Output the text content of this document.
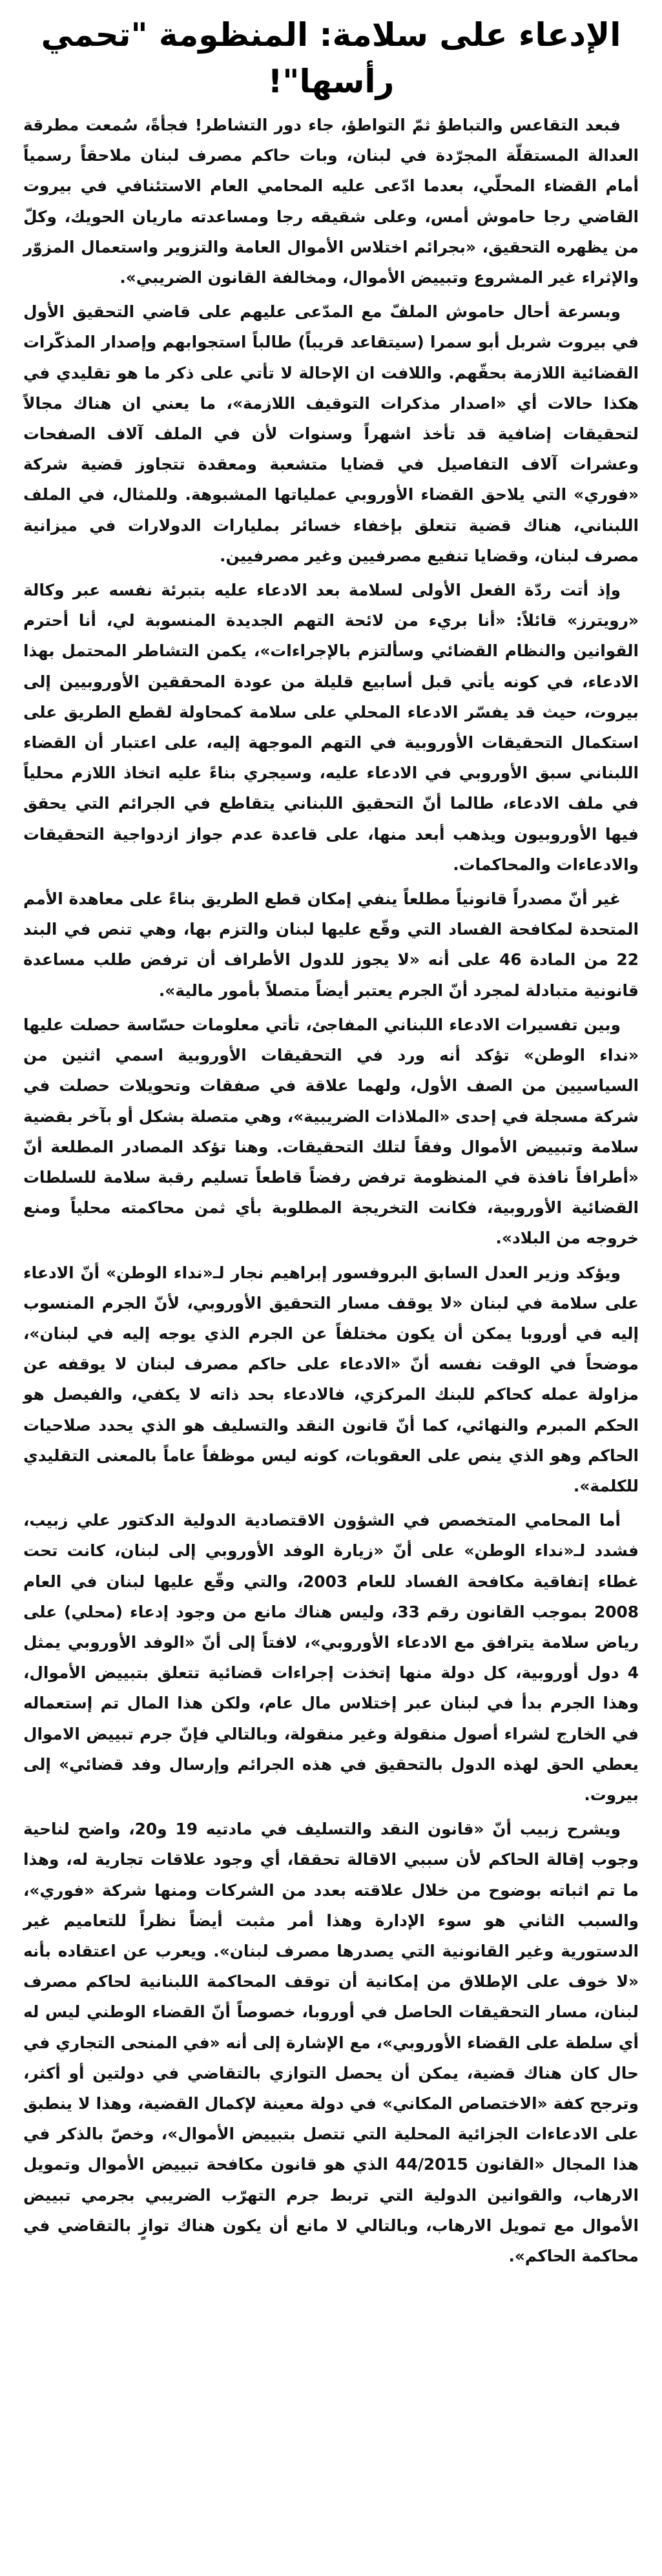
الإدعاء على سلامة: المنظومة "تحمي رأسها"!

فبعد التقاعس والتباطؤ ثمّ التواطؤ، جاء دور التشاطر! فجأةً، سُمعت مطرقة العدالة المستقلّة المجرّدة في لبنان، وبات حاكم مصرف لبنان ملاحقاً رسمياً أمام القضاء المحلّي، بعدما ادّعى عليه المحامي العام الاستئنافي في بيروت القاضي رجا حاموش أمس، وعلى شقيقه رجا ومساعدته ماريان الحويك، وكلّ من يظهره التحقيق، «بجرائم اختلاس الأموال العامة والتزوير واستعمال المزوّر والإثراء غير المشروع وتبييض الأموال، ومخالفة القانون الضريبي».

وبسرعة أحال حاموش الملفّ مع المدّعى عليهم على قاضي التحقيق الأول في بيروت شربل أبو سمرا (سيتقاعد قريباً) طالباً استجوابهم وإصدار المذكّرات القضائية اللازمة بحقّهم. واللافت ان الإحالة لا تأتي على ذكر ما هو تقليدي في هكذا حالات أي «اصدار مذكرات التوقيف اللازمة»، ما يعني ان هناك مجالاً لتحقيقات إضافية قد تأخذ اشهراً وسنوات لأن في الملف آلاف الصفحات وعشرات آلاف التفاصيل في قضايا متشعبة ومعقدة تتجاوز قضية شركة «فوري» التي يلاحق القضاء الأوروبي عملياتها المشبوهة. وللمثال، في الملف اللبناني، هناك قضية تتعلق بإخفاء خسائر بمليارات الدولارات في ميزانية مصرف لبنان، وقضايا تنفيع مصرفيين وغير مصرفيين.

وإذ أتت ردّة الفعل الأولى لسلامة بعد الادعاء عليه بتبرئة نفسه عبر وكالة «رويترز» قائلاً: «أنا بريء من لائحة التهم الجديدة المنسوبة لي، أنا أحترم القوانين والنظام القضائي وسألتزم بالإجراءات»، يكمن التشاطر المحتمل بهذا الادعاء، في كونه يأتي قبل أسابيع قليلة من عودة المحققين الأوروبيين إلى بيروت، حيث قد يفسّر الادعاء المحلي على سلامة كمحاولة لقطع الطريق على استكمال التحقيقات الأوروبية في التهم الموجهة إليه، على اعتبار أن القضاء اللبناني سبق الأوروبي في الادعاء عليه، وسيجري بناءً عليه اتخاذ اللازم محلياً في ملف الادعاء، طالما أنّ التحقيق اللبناني يتقاطع في الجرائم التي يحقق فيها الأوروبيون ويذهب أبعد منها، على قاعدة عدم جواز ازدواجية التحقيقات والادعاءات والمحاكمات.

غير أنّ مصدراً قانونياً مطلعاً ينفي إمكان قطع الطريق بناءً على معاهدة الأمم المتحدة لمكافحة الفساد التي وقّع عليها لبنان والتزم بها، وهي تنص في البند 22 من المادة 46 على أنه «لا يجوز للدول الأطراف أن ترفض طلب مساعدة قانونية متبادلة لمجرد أنّ الجرم يعتبر أيضاً متصلاً بأمور مالية».

وبين تفسيرات الادعاء اللبناني المفاجئ، تأتي معلومات حسّاسة حصلت عليها «نداء الوطن» تؤكد أنه ورد في التحقيقات الأوروبية اسمي اثنين من السياسيين من الصف الأول، ولهما علاقة في صفقات وتحويلات حصلت في شركة مسجلة في إحدى «الملاذات الضريبية»، وهي متصلة بشكل أو بآخر بقضية سلامة وتبييض الأموال وفقاً لتلك التحقيقات. وهنا تؤكد المصادر المطلعة أنّ «أطرافاً نافذة في المنظومة ترفض رفضاً قاطعاً تسليم رقبة سلامة للسلطات القضائية الأوروبية، فكانت التخريجة المطلوبة بأي ثمن محاكمته محلياً ومنع خروجه من البلاد».

ويؤكد وزير العدل السابق البروفسور إبراهيم نجار لـ«نداء الوطن» أنّ الادعاء على سلامة في لبنان «لا يوقف مسار التحقيق الأوروبي، لأنّ الجرم المنسوب إليه في أوروبا يمكن أن يكون مختلفاً عن الجرم الذي يوجه إليه في لبنان»، موضحاً في الوقت نفسه أنّ «الادعاء على حاكم مصرف لبنان لا يوقفه عن مزاولة عمله كحاكم للبنك المركزي، فالادعاء بحد ذاته لا يكفي، والفيصل هو الحكم المبرم والنهائي، كما أنّ قانون النقد والتسليف هو الذي يحدد صلاحيات الحاكم وهو الذي ينص على العقوبات، كونه ليس موظفاً عاماً بالمعنى التقليدي للكلمة».

أما المحامي المتخصص في الشؤون الاقتصادية الدولية الدكتور علي زبيب، فشدد لـ«نداء الوطن» على أنّ «زيارة الوفد الأوروبي إلى لبنان، كانت تحت غطاء إتفاقية مكافحة الفساد للعام 2003، والتي وقّع عليها لبنان في العام 2008 بموجب القانون رقم 33، وليس هناك مانع من وجود إدعاء (محلي) على رياض سلامة يترافق مع الادعاء الأوروبي»، لافتاً إلى أنّ «الوفد الأوروبي يمثل 4 دول أوروبية، كل دولة منها إتخذت إجراءات قضائية تتعلق بتبييض الأموال، وهذا الجرم بدأ في لبنان عبر إختلاس مال عام، ولكن هذا المال تم إستعماله في الخارج لشراء أصول منقولة وغير منقولة، وبالتالي فإنّ جرم تبييض الاموال يعطي الحق لهذه الدول بالتحقيق في هذه الجرائم وإرسال وفد قضائي» إلى بيروت.

ويشرح زبيب أنّ «قانون النقد والتسليف في مادتيه 19 و20، واضح لناحية وجوب إقالة الحاكم لأن سببي الاقالة تحققا، أي وجود علاقات تجارية له، وهذا ما تم اثباته بوضوح من خلال علاقته بعدد من الشركات ومنها شركة «فوري»، والسبب الثاني هو سوء الإدارة وهذا أمر مثبت أيضاً نظراً للتعاميم غير الدستورية وغير القانونية التي يصدرها مصرف لبنان». ويعرب عن اعتقاده بأنه «لا خوف على الإطلاق من إمكانية أن توقف المحاكمة اللبنانية لحاكم مصرف لبنان، مسار التحقيقات الحاصل في أوروبا، خصوصاً أنّ القضاء الوطني ليس له أي سلطة على القضاء الأوروبي»، مع الإشارة إلى أنه «في المنحى التجاري في حال كان هناك قضية، يمكن أن يحصل التوازي بالتقاضي في دولتين أو أكثر، وترجح كفة «الاختصاص المكاني» في دولة معينة لإكمال القضية، وهذا لا ينطبق على الادعاءات الجزائية المحلية التي تتصل بتبييض الأموال»، وخصّ بالذكر في هذا المجال «القانون 44/2015 الذي هو قانون مكافحة تبييض الأموال وتمويل الارهاب، والقوانين الدولية التي تربط جرم التهرّب الضريبي بجرمي تبييض الأموال مع تمويل الارهاب، وبالتالي لا مانع أن يكون هناك توازٍ بالتقاضي في محاكمة الحاكم».
